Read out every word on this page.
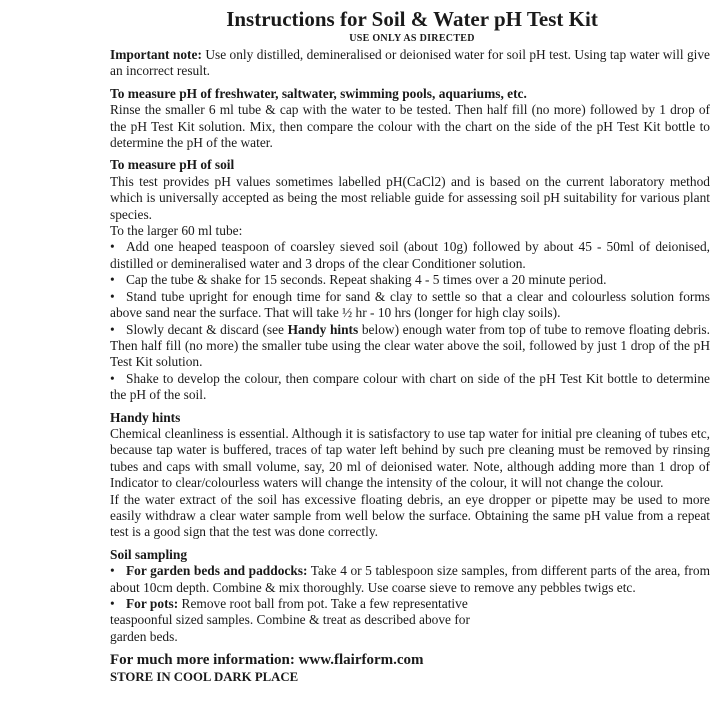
Instructions for Soil & Water pH Test Kit
USE ONLY AS DIRECTED

Important note: Use only distilled, demineralised or deionised water for soil pH test. Using tap water will give an incorrect result.

To measure pH of freshwater, saltwater, swimming pools, aquariums, etc.

Rinse the smaller 6 ml tube & cap with the water to be tested. Then half fill (no more) followed by 1 drop of the pH Test Kit solution. Mix, then compare the colour with the chart on the side of the pH Test Kit bottle to determine the pH of the water.

To measure pH of soil

This test provides pH values sometimes labelled pH(CaCl2) and is based on the current laboratory method which is universally accepted as being the most reliable guide for assessing soil pH suitability for various plant species.

To the larger 60 ml tube:

• Add one heaped teaspoon of coarsley sieved soil (about 10g) followed by about 45 - 50ml of deionised, distilled or demineralised water and 3 drops of the clear Conditioner solution.

• Cap the tube & shake for 15 seconds. Repeat shaking 4 - 5 times over a 20 minute period.

• Stand tube upright for enough time for sand & clay to settle so that a clear and colourless solution forms above sand near the surface. That will take ½ hr - 10 hrs (longer for high clay soils).

• Slowly decant & discard (see Handy hints below) enough water from top of tube to remove floating debris. Then half fill (no more) the smaller tube using the clear water above the soil, followed by just 1 drop of the pH Test Kit solution.

• Shake to develop the colour, then compare colour with chart on side of the pH Test Kit bottle to determine the pH of the soil.

Handy hints

Chemical cleanliness is essential. Although it is satisfactory to use tap water for initial pre cleaning of tubes etc, because tap water is buffered, traces of tap water left behind by such pre cleaning must be removed by rinsing tubes and caps with small volume, say, 20 ml of deionised water. Note, although adding more than 1 drop of Indicator to clear/colourless waters will change the intensity of the colour, it will not change the colour.

If the water extract of the soil has excessive floating debris, an eye dropper or pipette may be used to more easily withdraw a clear water sample from well below the surface. Obtaining the same pH value from a repeat test is a good sign that the test was done correctly.

Soil sampling

• For garden beds and paddocks: Take 4 or 5 tablespoon size samples, from different parts of the area, from about 10cm depth. Combine & mix thoroughly. Use coarse sieve to remove any pebbles twigs etc.

• For pots: Remove root ball from pot. Take a few representative teaspoonful sized samples. Combine & treat as described above for garden beds.

For much more information: www.flairform.com

STORE IN COOL DARK PLACE
